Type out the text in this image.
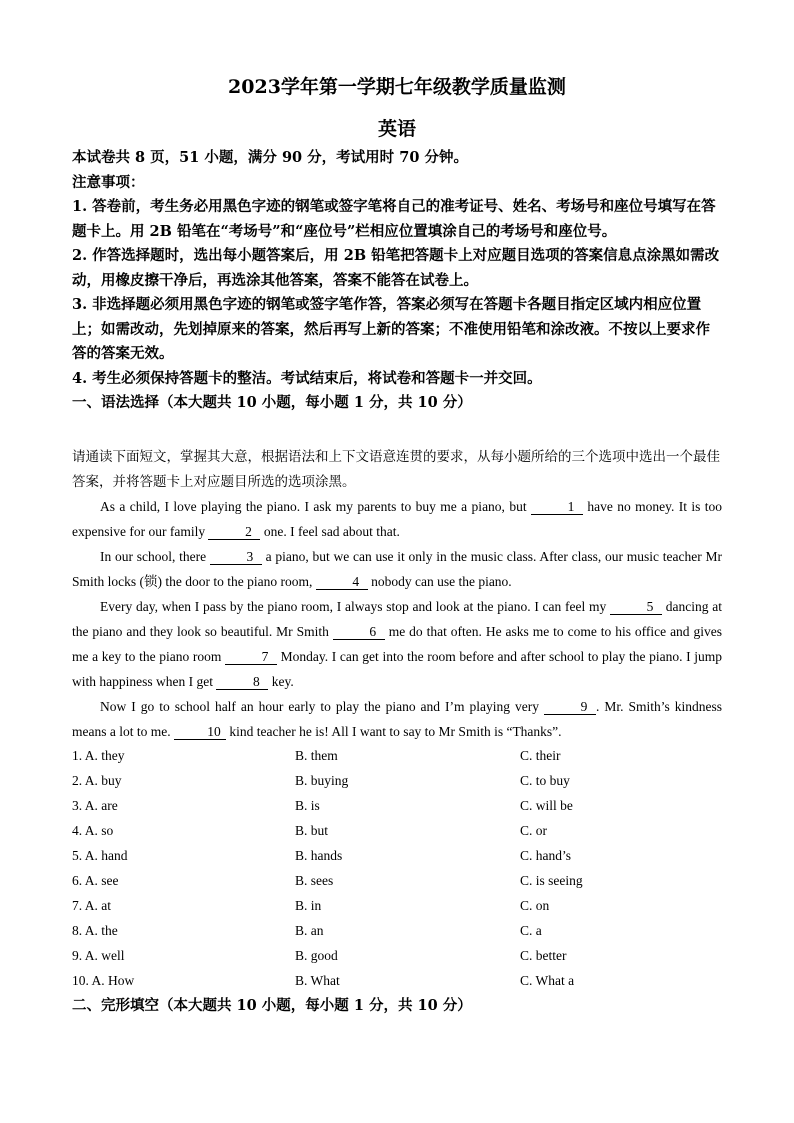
2023学年第一学期七年级教学质量监测
英语

本试卷共 8 页，51 小题，满分 90 分，考试用时 70 分钟。

注意事项：

1. 答卷前，考生务必用黑色字迹的钢笔或签字笔将自己的准考证号、姓名、考场号和座位号填写在答题卡上。用 2B 铅笔在“考场号”和“座位号”栏相应位置填涂自己的考场号和座位号。

2. 作答选择题时，选出每小题答案后，用 2B 铅笔把答题卡上对应题目选项的答案信息点涂黑如需改动，用橡皮擦干净后，再选涂其他答案，答案不能答在试卷上。

3. 非选择题必须用黑色字迹的钢笔或签字笔作答，答案必须写在答题卡各题目指定区域内相应位置上；如需改动，先划掉原来的答案，然后再写上新的答案；不准使用铅笔和涂改液。不按以上要求作答的答案无效。

4. 考生必须保持答题卡的整洁。考试结束后，将试卷和答题卡一并交回。

一、语法选择（本大题共 10 小题，每小题 1 分，共 10 分）

请通读下面短文，掌握其大意，根据语法和上下文语意连贯的要求，从每小题所给的三个选项中选出一个最佳答案，并将答题卡上对应题目所选的选项涂黑。

As a child, I love playing the piano. I ask my parents to buy me a piano, but	1 have no money. It is too expensive for our family	2 one. I feel sad about that.

In our school, there	3 a piano, but we can use it only in the music class. After class, our music teacher Mr Smith locks (锁) the door to the piano room,	4 nobody can use the piano.

Every day, when I pass by the piano room, I always stop and look at the piano. I can feel my	5 dancing at the piano and they look so beautiful. Mr Smith	6 me do that often. He asks me to come to his office and gives me a key to the piano room	7 Monday. I can get into the room before and after school to play the piano. I jump with happiness when I get	8 key.

Now I go to school half an hour early to play the piano and I’m playing very	9 . Mr. Smith’s kindness means a lot to me. 10 kind teacher he is! All I want to say to Mr Smith is “Thanks”.

1. A. they	B. them	C. their
2. A. buy	B. buying	C. to buy
3. A. are	B. is	C. will be
4. A. so	B. but	C. or
5. A. hand	B. hands	C. hand’s
6. A. see	B. sees	C. is seeing
7. A. at	B. in	C. on
8. A. the	B. an	C. a
9. A. well	B. good	C. better
10. A. How	B. What	C. What a
二、完形填空（本大题共 10 小题，每小题 1 分，共 10 分）
